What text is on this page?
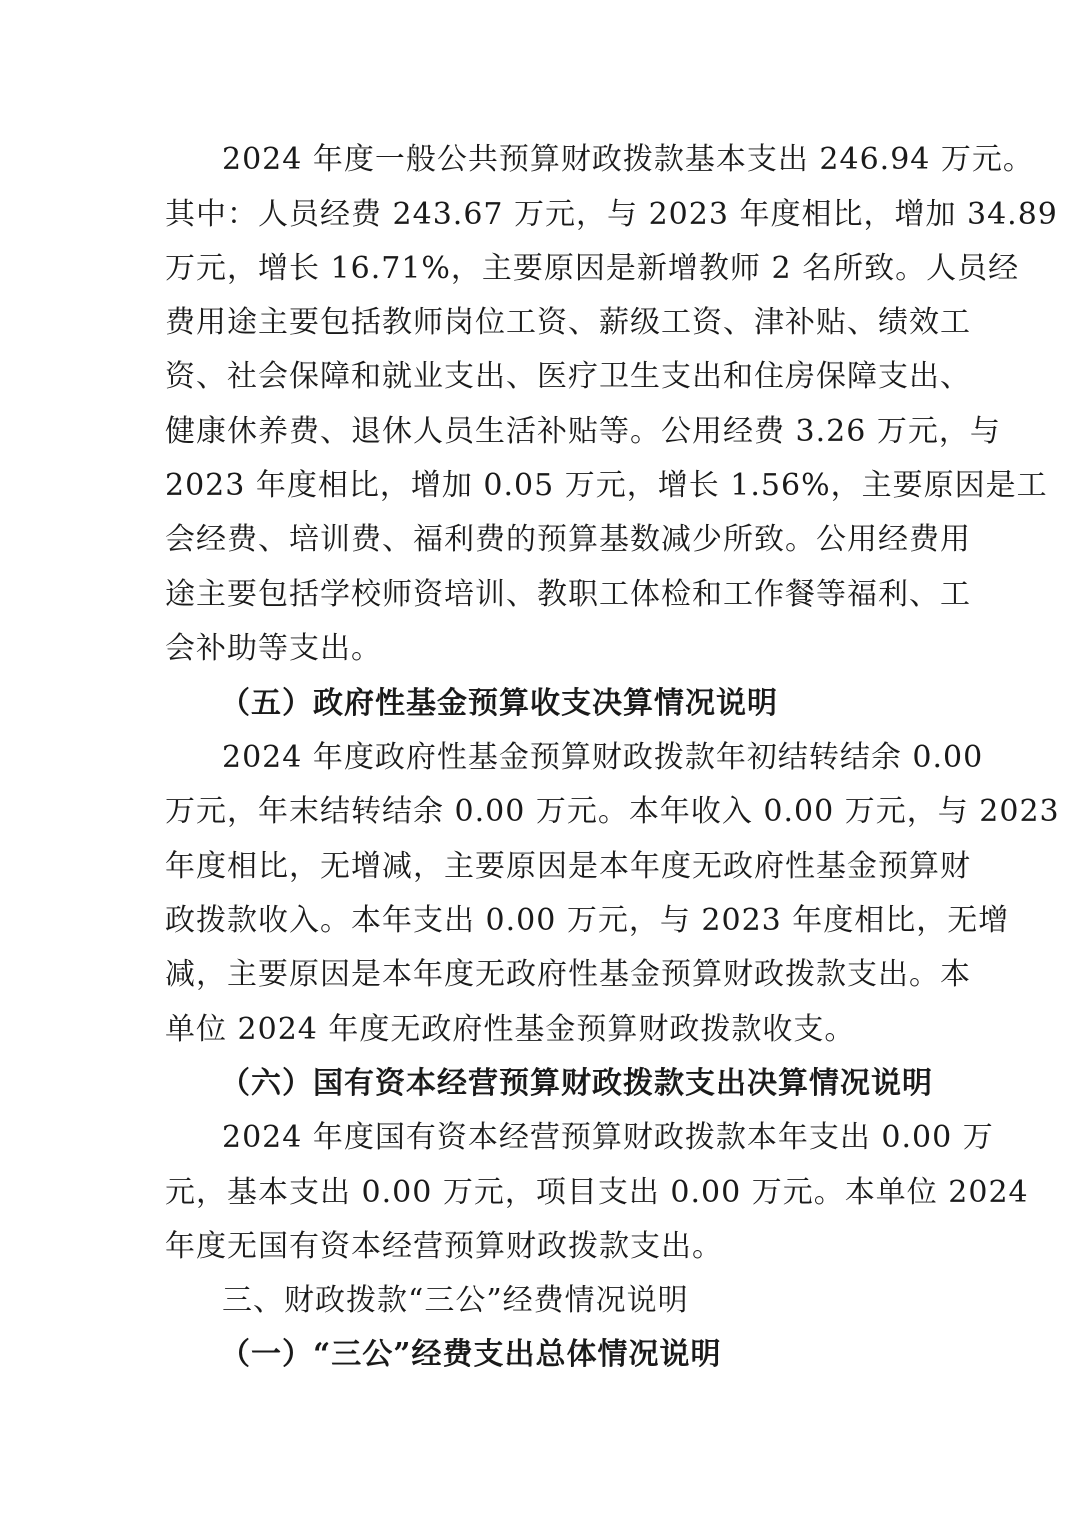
2024 年度一般公共预算财政拨款基本支出 246.94 万元。
其中：人员经费 243.67 万元，与 2023 年度相比，增加 34.89
万元，增长 16.71%，主要原因是新增教师 2 名所致。人员经
费用途主要包括教师岗位工资、薪级工资、津补贴、绩效工
资、社会保障和就业支出、医疗卫生支出和住房保障支出、
健康休养费、退休人员生活补贴等。公用经费 3.26 万元，与
2023 年度相比，增加 0.05 万元，增长 1.56%，主要原因是工
会经费、培训费、福利费的预算基数减少所致。公用经费用
途主要包括学校师资培训、教职工体检和工作餐等福利、工
会补助等支出。
（五）政府性基金预算收支决算情况说明
2024 年度政府性基金预算财政拨款年初结转结余 0.00
万元，年末结转结余 0.00 万元。本年收入 0.00 万元，与 2023
年度相比，无增减，主要原因是本年度无政府性基金预算财
政拨款收入。本年支出 0.00 万元，与 2023 年度相比，无增
减，主要原因是本年度无政府性基金预算财政拨款支出。本
单位 2024 年度无政府性基金预算财政拨款收支。
（六）国有资本经营预算财政拨款支出决算情况说明
2024 年度国有资本经营预算财政拨款本年支出 0.00 万
元，基本支出 0.00 万元，项目支出 0.00 万元。本单位 2024
年度无国有资本经营预算财政拨款支出。
三、财政拨款“三公”经费情况说明
（一）“三公”经费支出总体情况说明
